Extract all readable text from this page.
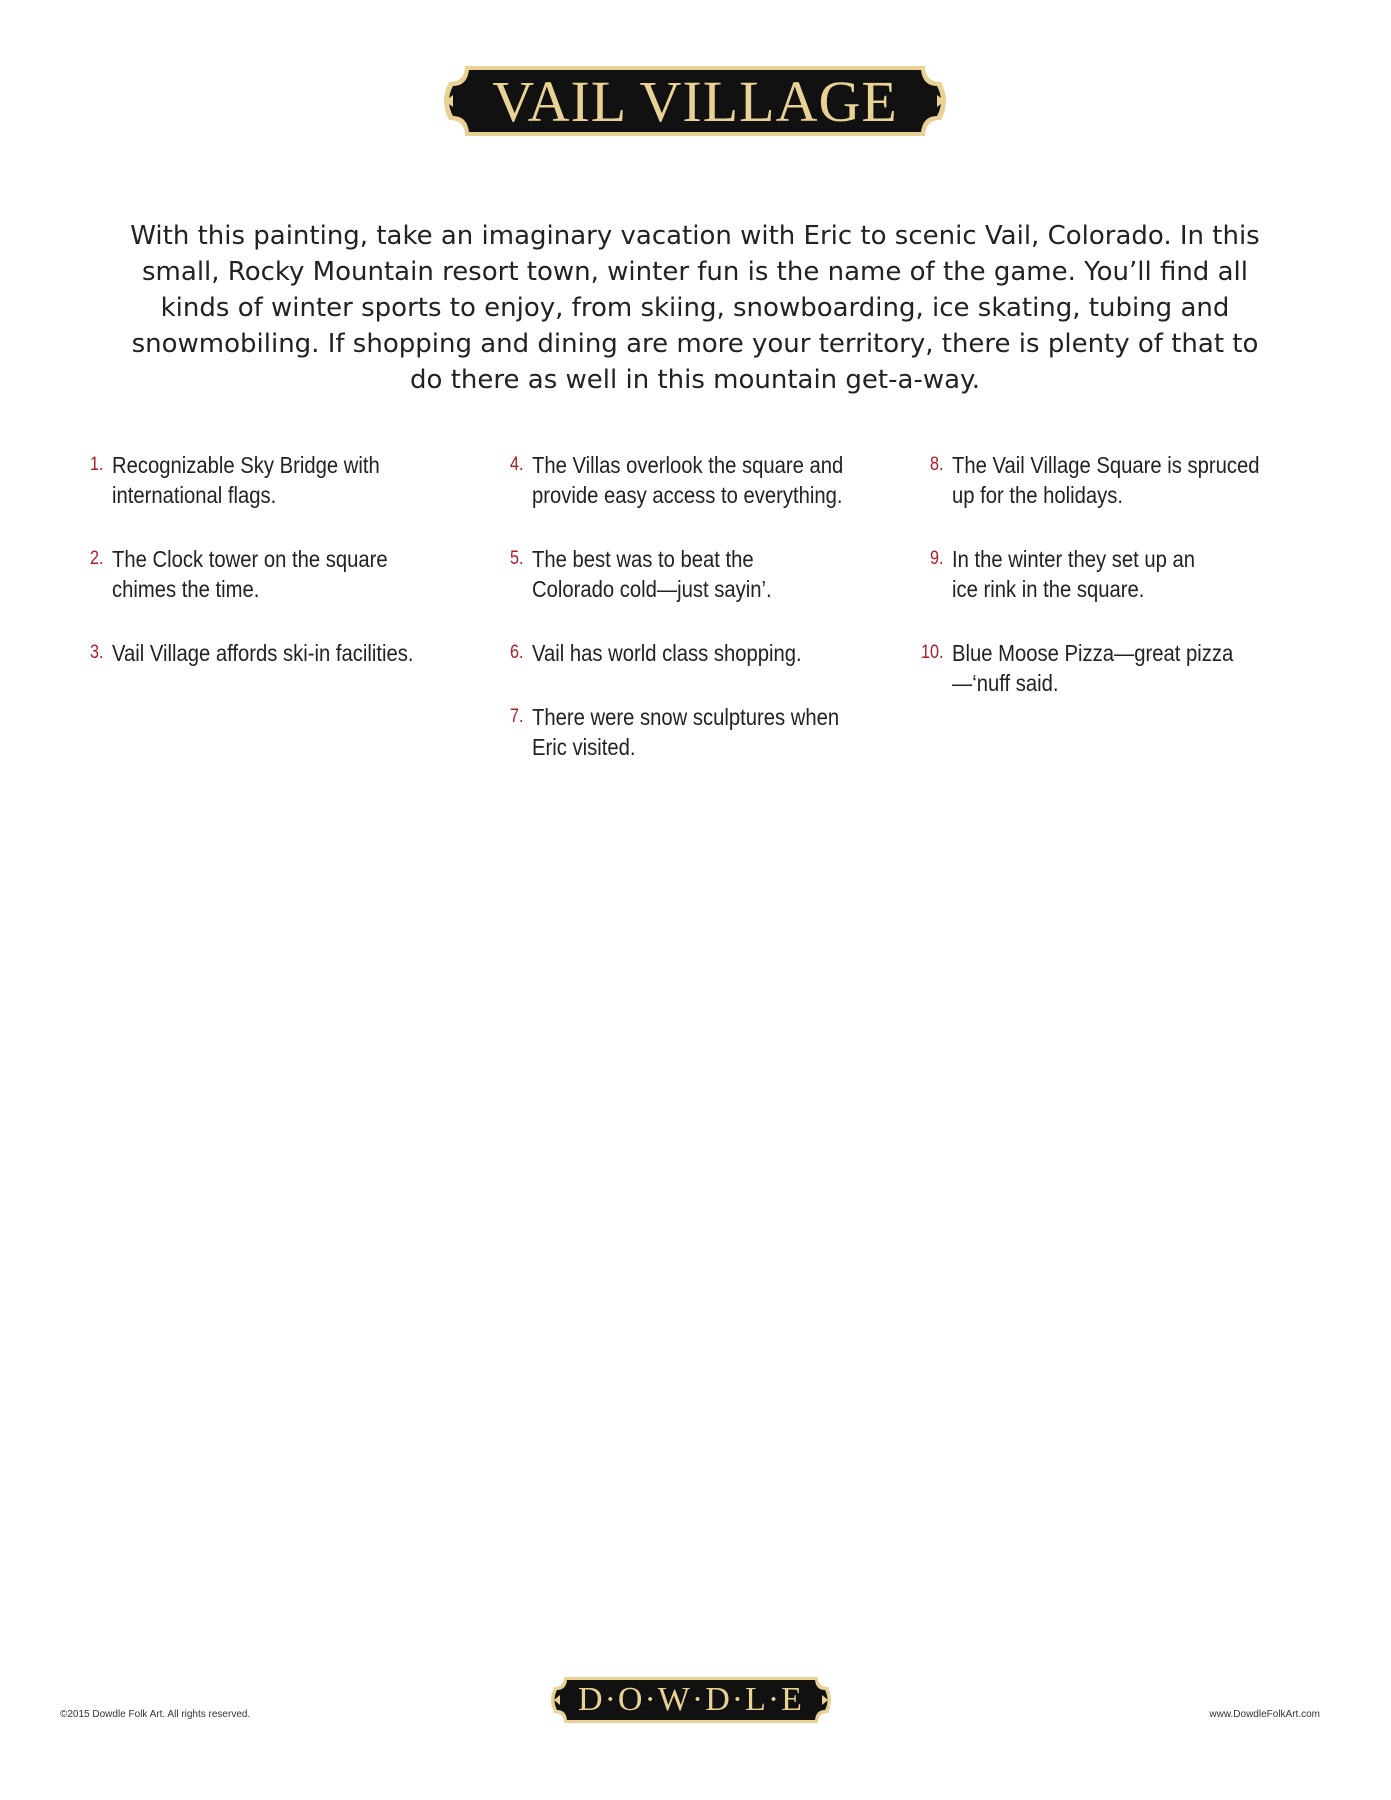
VAIL VILLAGE
With this painting, take an imaginary vacation with Eric to scenic Vail, Colorado. In this small, Rocky Mountain resort town, winter fun is the name of the game. You’ll find all kinds of winter sports to enjoy, from skiing, snowboarding, ice skating, tubing and snowmobiling. If shopping and dining are more your territory, there is plenty of that to do there as well in this mountain get-a-way.
1. Recognizable Sky Bridge with
international flags.
2. The Clock tower on the square
chimes the time.
3. Vail Village affords ski-in facilities.
4. The Villas overlook the square and
provide easy access to everything.
5. The best was to beat the
Colorado cold—just sayin’.
6. Vail has world class shopping.
7. There were snow sculptures when Eric visited.
8. The Vail Village Square is spruced
up for the holidays.
9. In the winter they set up an
ice rink in the square.
10. Blue Moose Pizza—great pizza—‘nuff said.
©2015 Dowdle Folk Art. All rights reserved.	D·O·W·D·L·E	www.DowdleFolkArt.com
